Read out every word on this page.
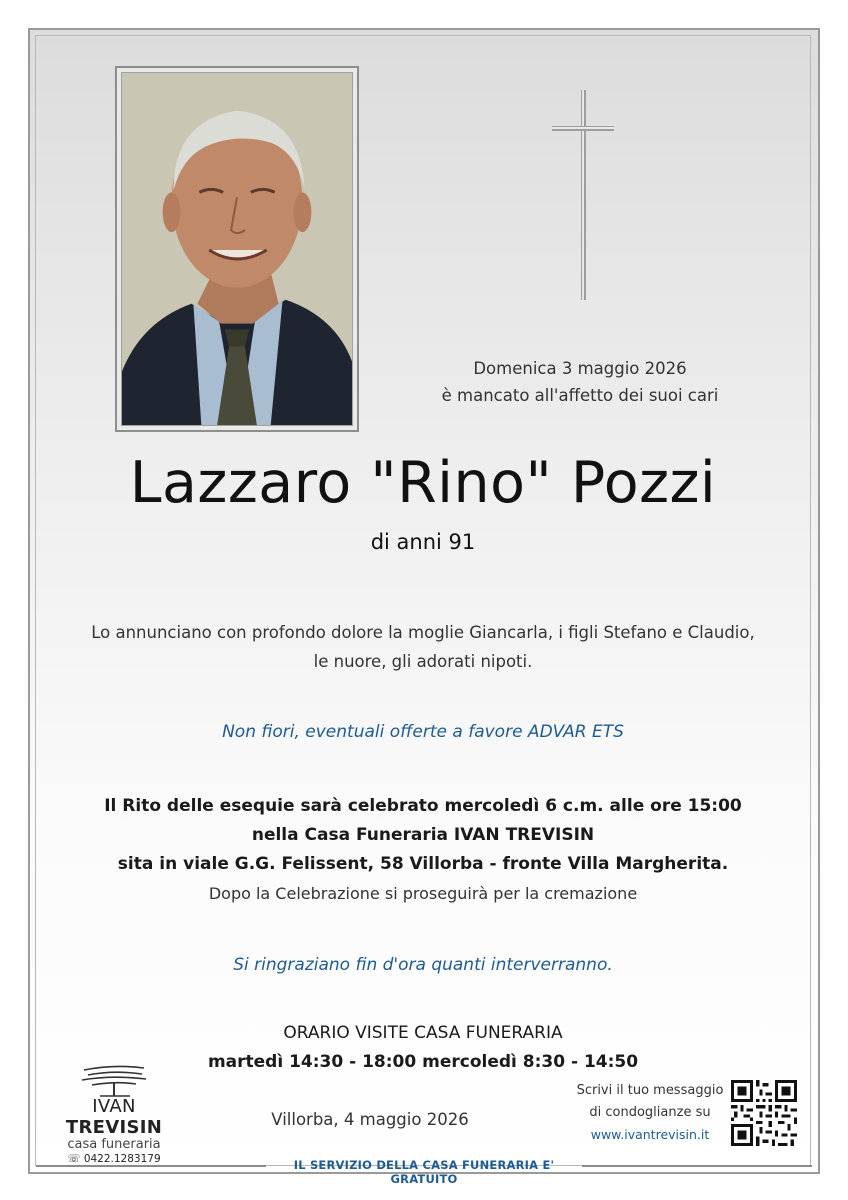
Domenica 3 maggio 2026
è mancato all'affetto dei suoi cari
Lazzaro "Rino" Pozzi
di anni 91
Lo annunciano con profondo dolore la moglie Giancarla, i figli Stefano e Claudio,
le nuore, gli adorati nipoti.
Non fiori, eventuali offerte a favore ADVAR ETS
Il Rito delle esequie sarà celebrato mercoledì 6 c.m. alle ore 15:00
nella Casa Funeraria IVAN TREVISIN
sita in viale G.G. Felissent, 58 Villorba - fronte Villa Margherita.
Dopo la Celebrazione si proseguirà per la cremazione
Si ringraziano fin d'ora quanti interverranno.
ORARIO VISITE CASA FUNERARIA
martedì 14:30 - 18:00 mercoledì 8:30 - 14:50
IVAN TREVISIN
casa funeraria
☏ 0422.1283179
Villorba, 4 maggio 2026
Scrivi il tuo messaggio
di condoglianze su
www.ivantrevisin.it
IL SERVIZIO DELLA CASA FUNERARIA E' GRATUITO
